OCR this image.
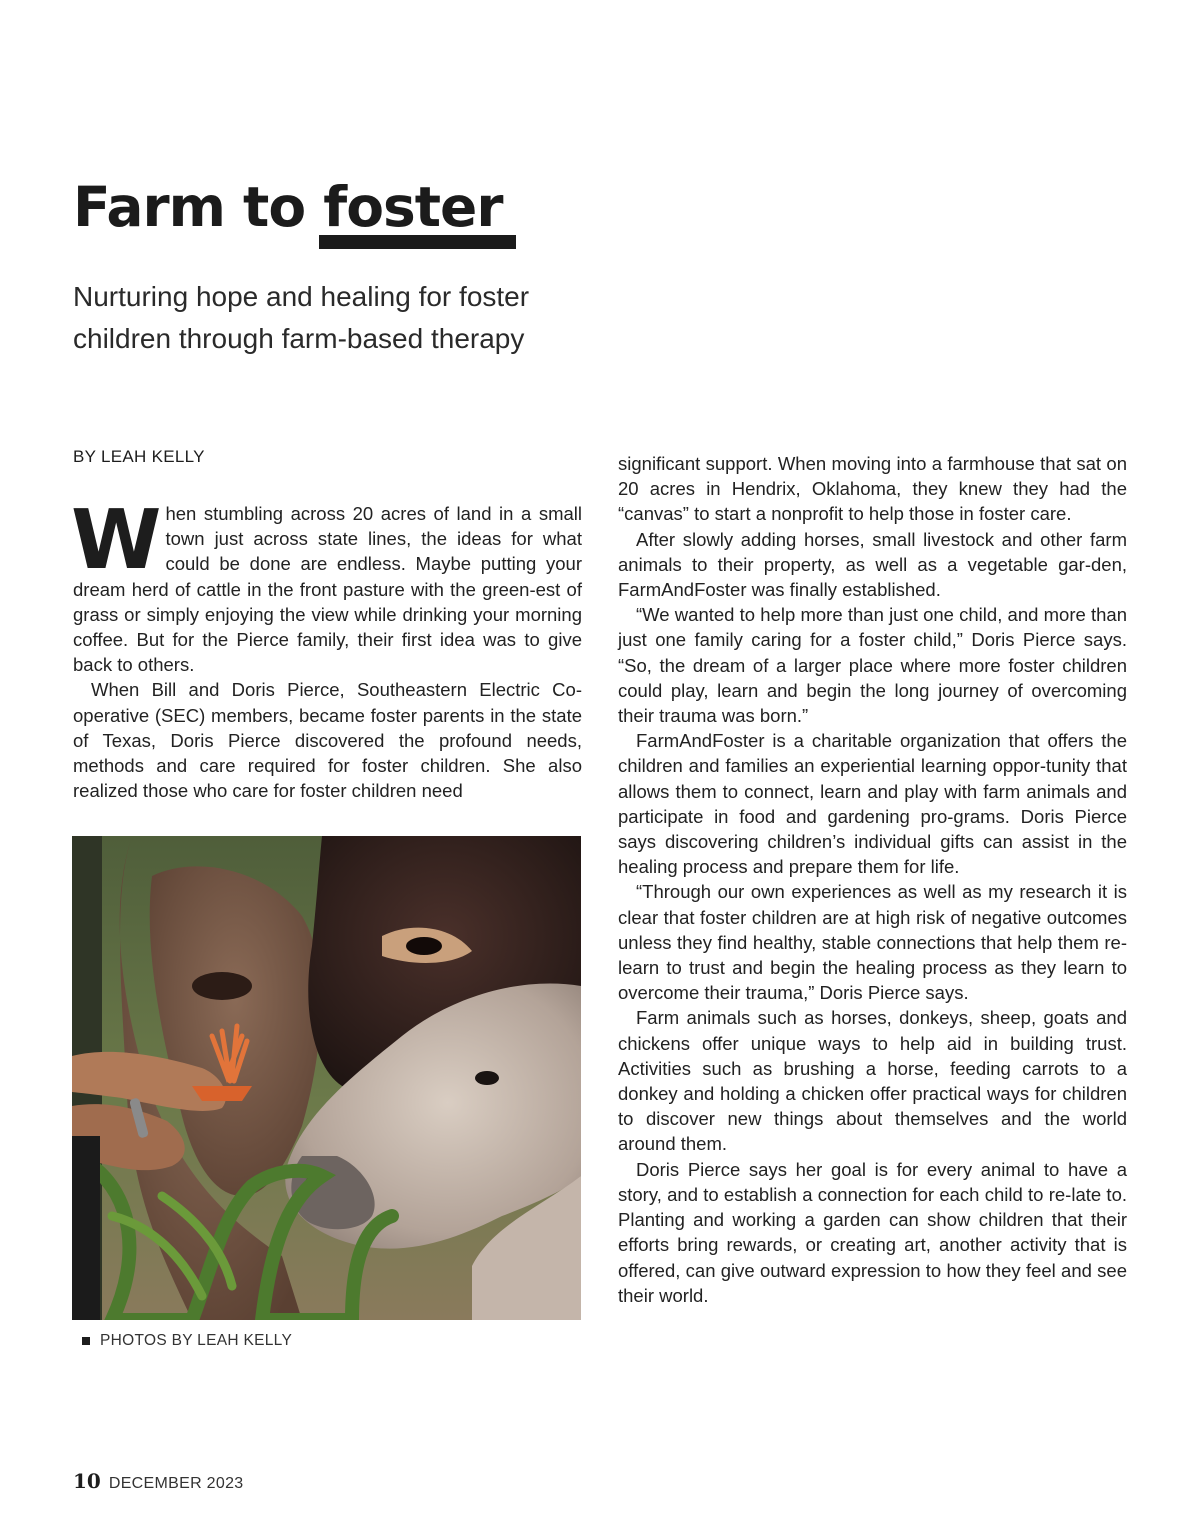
Farm to foster
Nurturing hope and healing for foster children through farm-based therapy
BY LEAH KELLY

When stumbling across 20 acres of land in a small town just across state lines, the ideas for what could be done are endless. Maybe putting your dream herd of cattle in the front pasture with the green-est of grass or simply enjoying the view while drinking your morning coffee. But for the Pierce family, their first idea was to give back to others.

When Bill and Doris Pierce, Southeastern Electric Co-operative (SEC) members, became foster parents in the state of Texas, Doris Pierce discovered the profound needs, methods and care required for foster children. She also realized those who care for foster children need

PHOTOS BY LEAH KELLY

significant support. When moving into a farmhouse that sat on 20 acres in Hendrix, Oklahoma, they knew they had the “canvas” to start a nonprofit to help those in foster care.

After slowly adding horses, small livestock and other farm animals to their property, as well as a vegetable gar-den, FarmAndFoster was finally established.

“We wanted to help more than just one child, and more than just one family caring for a foster child,” Doris Pierce says. “So, the dream of a larger place where more foster children could play, learn and begin the long journey of overcoming their trauma was born.”

FarmAndFoster is a charitable organization that offers the children and families an experiential learning oppor-tunity that allows them to connect, learn and play with farm animals and participate in food and gardening pro-grams. Doris Pierce says discovering children’s individual gifts can assist in the healing process and prepare them for life.

“Through our own experiences as well as my research it is clear that foster children are at high risk of negative outcomes unless they find healthy, stable connections that help them re-learn to trust and begin the healing process as they learn to overcome their trauma,” Doris Pierce says.

Farm animals such as horses, donkeys, sheep, goats and chickens offer unique ways to help aid in building trust. Activities such as brushing a horse, feeding carrots to a donkey and holding a chicken offer practical ways for children to discover new things about themselves and the world around them.

Doris Pierce says her goal is for every animal to have a story, and to establish a connection for each child to re-late to. Planting and working a garden can show children that their efforts bring rewards, or creating art, another activity that is offered, can give outward expression to how they feel and see their world.

10 DECEMBER 2023
